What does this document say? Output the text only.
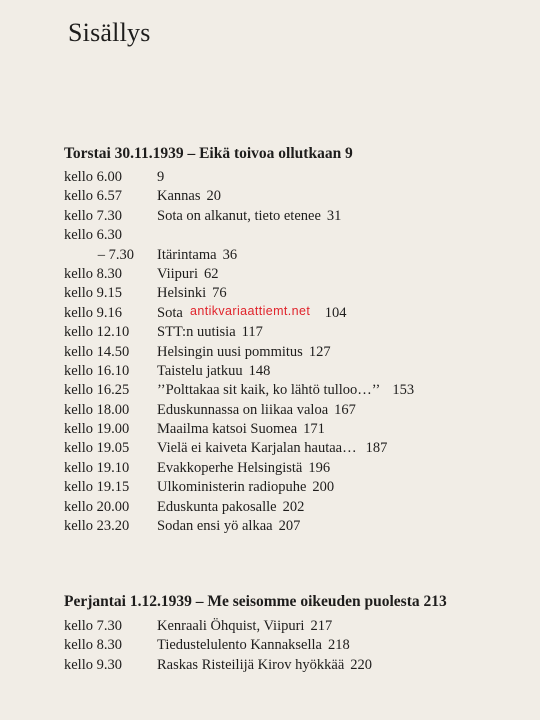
Sisällys
Torstai 30.11.1939 – Eikä toivoa ollutkaan 9
kello 6.00	9
kello 6.57	Kannas 20
kello 7.30	Sota on alkanut, tieto etenee 31
kello 6.30
– 7.30 Itärintama 36
kello 8.30	Viipuri 62
kello 9.15	Helsinki 76
kello 9.16	Sota	104
kello 12.10	STT:n uutisia 117
kello 14.50	Helsingin uusi pommitus 127
kello 16.10	Taistelu jatkuu 148
kello 16.25	’’Polttakaa sit kaik, ko lähtö tulloo…’’ 153
kello 18.00	Eduskunnassa on liikaa valoa 167
kello 19.00	Maailma katsoi Suomea 171
kello 19.05	Vielä ei kaiveta Karjalan hautaa… 187
kello 19.10	Evakkoperhe Helsingistä 196
kello 19.15	Ulkoministerin radiopuhe 200
kello 20.00	Eduskunta pakosalle 202
kello 23.20	Sodan ensi yö alkaa 207
Perjantai 1.12.1939 – Me seisomme oikeuden puolesta 213
kello 7.30	Kenraali Öhquist, Viipuri 217
kello 8.30	Tiedustelulento Kannaksella 218
kello 9.30	Raskas Risteilijä Kirov hyökkää 220
antikvariaattiemt.net
